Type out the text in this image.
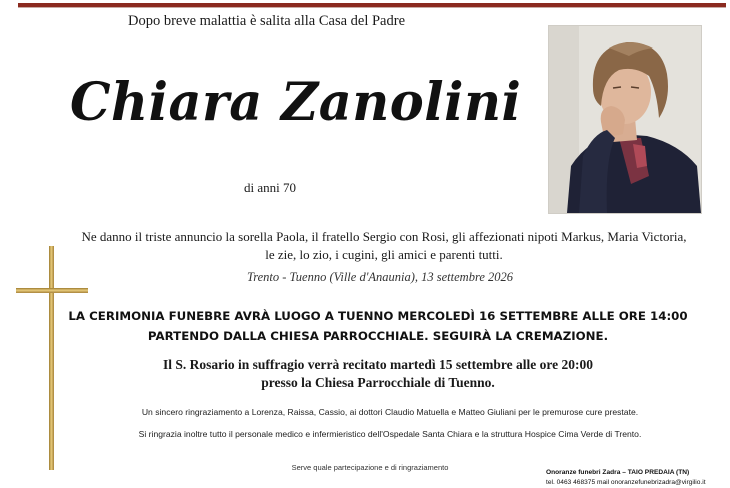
Dopo breve malattia è salita alla Casa del Padre
Chiara Zanolini
di anni 70
Ne danno il triste annuncio la sorella Paola, il fratello Sergio con Rosi, gli affezionati nipoti Markus, Maria Victoria, le zie, lo zio, i cugini, gli amici e parenti tutti.
Trento - Tuenno (Ville d'Anaunia), 13 settembre 2026
LA CERIMONIA FUNEBRE AVRÀ LUOGO A TUENNO MERCOLEDÌ 16 SETTEMBRE ALLE ORE 14:00
PARTENDO DALLA CHIESA PARROCCHIALE. SEGUIRÀ LA CREMAZIONE.
Il S. Rosario in suffragio verrà recitato martedì 15 settembre alle ore 20:00
presso la Chiesa Parrocchiale di Tuenno.
Un sincero ringraziamento a Lorenza, Raissa, Cassio, ai dottori Claudio Matuella e Matteo Giuliani per le premurose cure prestate.
Si ringrazia inoltre tutto il personale medico e infermieristico dell'Ospedale Santa Chiara e la struttura Hospice Cima Verde di Trento.
Serve quale partecipazione e di ringraziamento
Onoranze funebri Zadra – TAIO PREDAIA (TN)
tel. 0463 468375 mail onoranzefunebrizadra@virgilio.it
